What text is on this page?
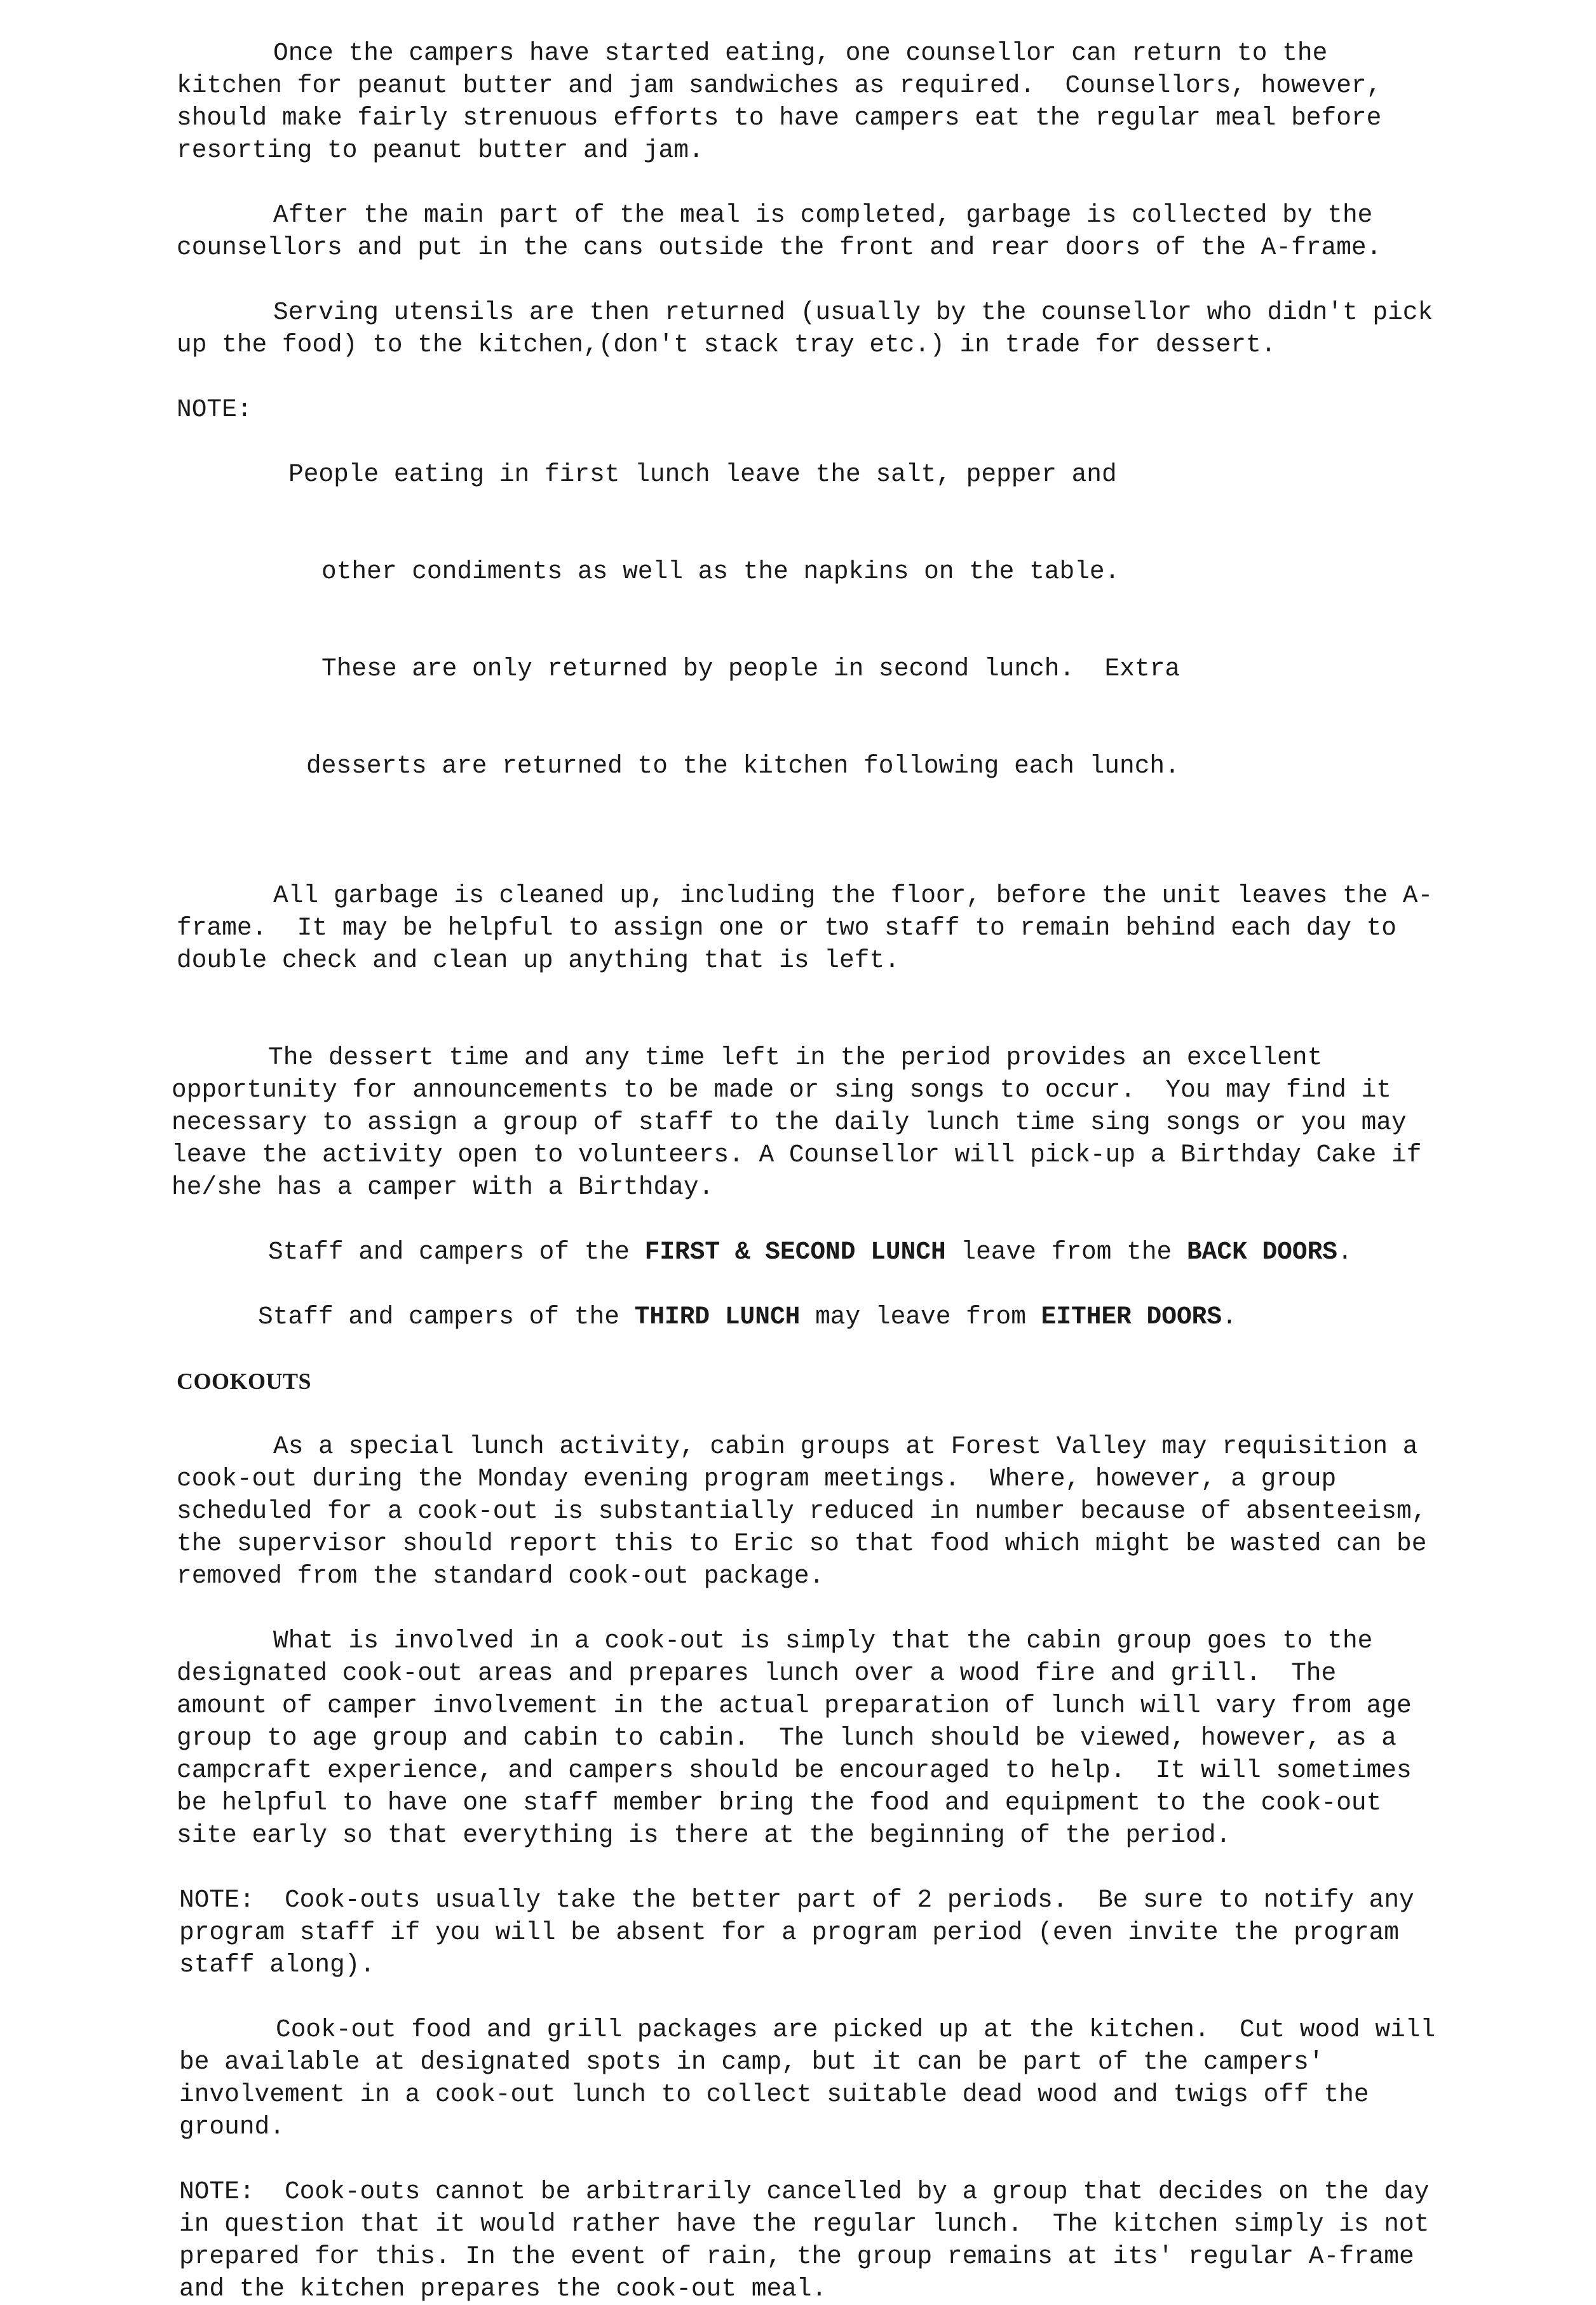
Once the campers have started eating, one counsellor can return to the kitchen for peanut butter and jam sandwiches as required.  Counsellors, however, should make fairly strenuous efforts to have campers eat the regular meal before resorting to peanut butter and jam.

After the main part of the meal is completed, garbage is collected by the counsellors and put in the cans outside the front and rear doors of the A-frame.

Serving utensils are then returned (usually by the counsellor who didn't pick up the food) to the kitchen,(don't stack tray etc.) in trade for dessert.

NOTE:

People eating in first lunch leave the salt, pepper and

other condiments as well as the napkins on the table.

These are only returned by people in second lunch.  Extra

desserts are returned to the kitchen following each lunch.

All garbage is cleaned up, including the floor, before the unit leaves the A-frame.  It may be helpful to assign one or two staff to remain behind each day to double check and clean up anything that is left.

The dessert time and any time left in the period provides an excellent opportunity for announcements to be made or sing songs to occur.  You may find it necessary to assign a group of staff to the daily lunch time sing songs or you may leave the activity open to volunteers. A Counsellor will pick-up a Birthday Cake if he/she has a camper with a Birthday.

Staff and campers of the FIRST & SECOND LUNCH leave from the BACK DOORS.

Staff and campers of the THIRD LUNCH may leave from EITHER DOORS.

COOKOUTS

As a special lunch activity, cabin groups at Forest Valley may requisition a cook-out during the Monday evening program meetings.  Where, however, a group scheduled for a cook-out is substantially reduced in number because of absenteeism, the supervisor should report this to Eric so that food which might be wasted can be removed from the standard cook-out package.

What is involved in a cook-out is simply that the cabin group goes to the designated cook-out areas and prepares lunch over a wood fire and grill.  The amount of camper involvement in the actual preparation of lunch will vary from age group to age group and cabin to cabin.  The lunch should be viewed, however, as a campcraft experience, and campers should be encouraged to help.  It will sometimes be helpful to have one staff member bring the food and equipment to the cook-out site early so that everything is there at the beginning of the period.

NOTE: Cook-outs usually take the better part of 2 periods.  Be sure to notify any program staff if you will be absent for a program period (even invite the program staff along).

Cook-out food and grill packages are picked up at the kitchen.  Cut wood will be available at designated spots in camp, but it can be part of the campers' involvement in a cook-out lunch to collect suitable dead wood and twigs off the ground.

NOTE: Cook-outs cannot be arbitrarily cancelled by a group that decides on the day in question that it would rather have the regular lunch.  The kitchen simply is not prepared for this. In the event of rain, the group remains at its' regular A-frame and the kitchen prepares the cook-out meal.
